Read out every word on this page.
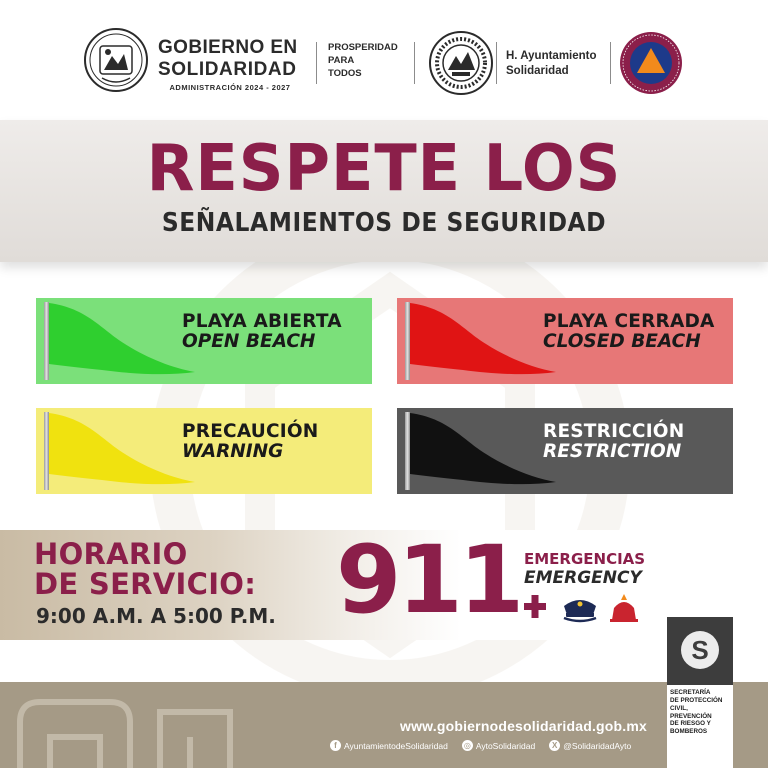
GOBIERNO EN
SOLIDARIDAD
ADMINISTRACIÓN 2024 - 2027
PROSPERIDAD
PARA
TODOS
H. Ayuntamiento
Solidaridad
RESPETE LOS
SEÑALAMIENTOS DE SEGURIDAD
PLAYA ABIERTA
OPEN BEACH
PLAYA CERRADA
CLOSED BEACH
PRECAUCIÓN
WARNING
RESTRICCIÓN
RESTRICTION
HORARIO
DE SERVICIO:
9:00 A.M. A 5:00 P.M. 911 EMERGENCIAS
EMERGENCY
www.gobiernodesolidaridad.gob.mx
f AyuntamientodeSolidaridad ◎ AytoSolidaridad	X @SolidaridadAyto
S
SECRETARÍA
DE PROTECCIÓN
CIVIL,
PREVENCIÓN
DE RIESGO Y
BOMBEROS
